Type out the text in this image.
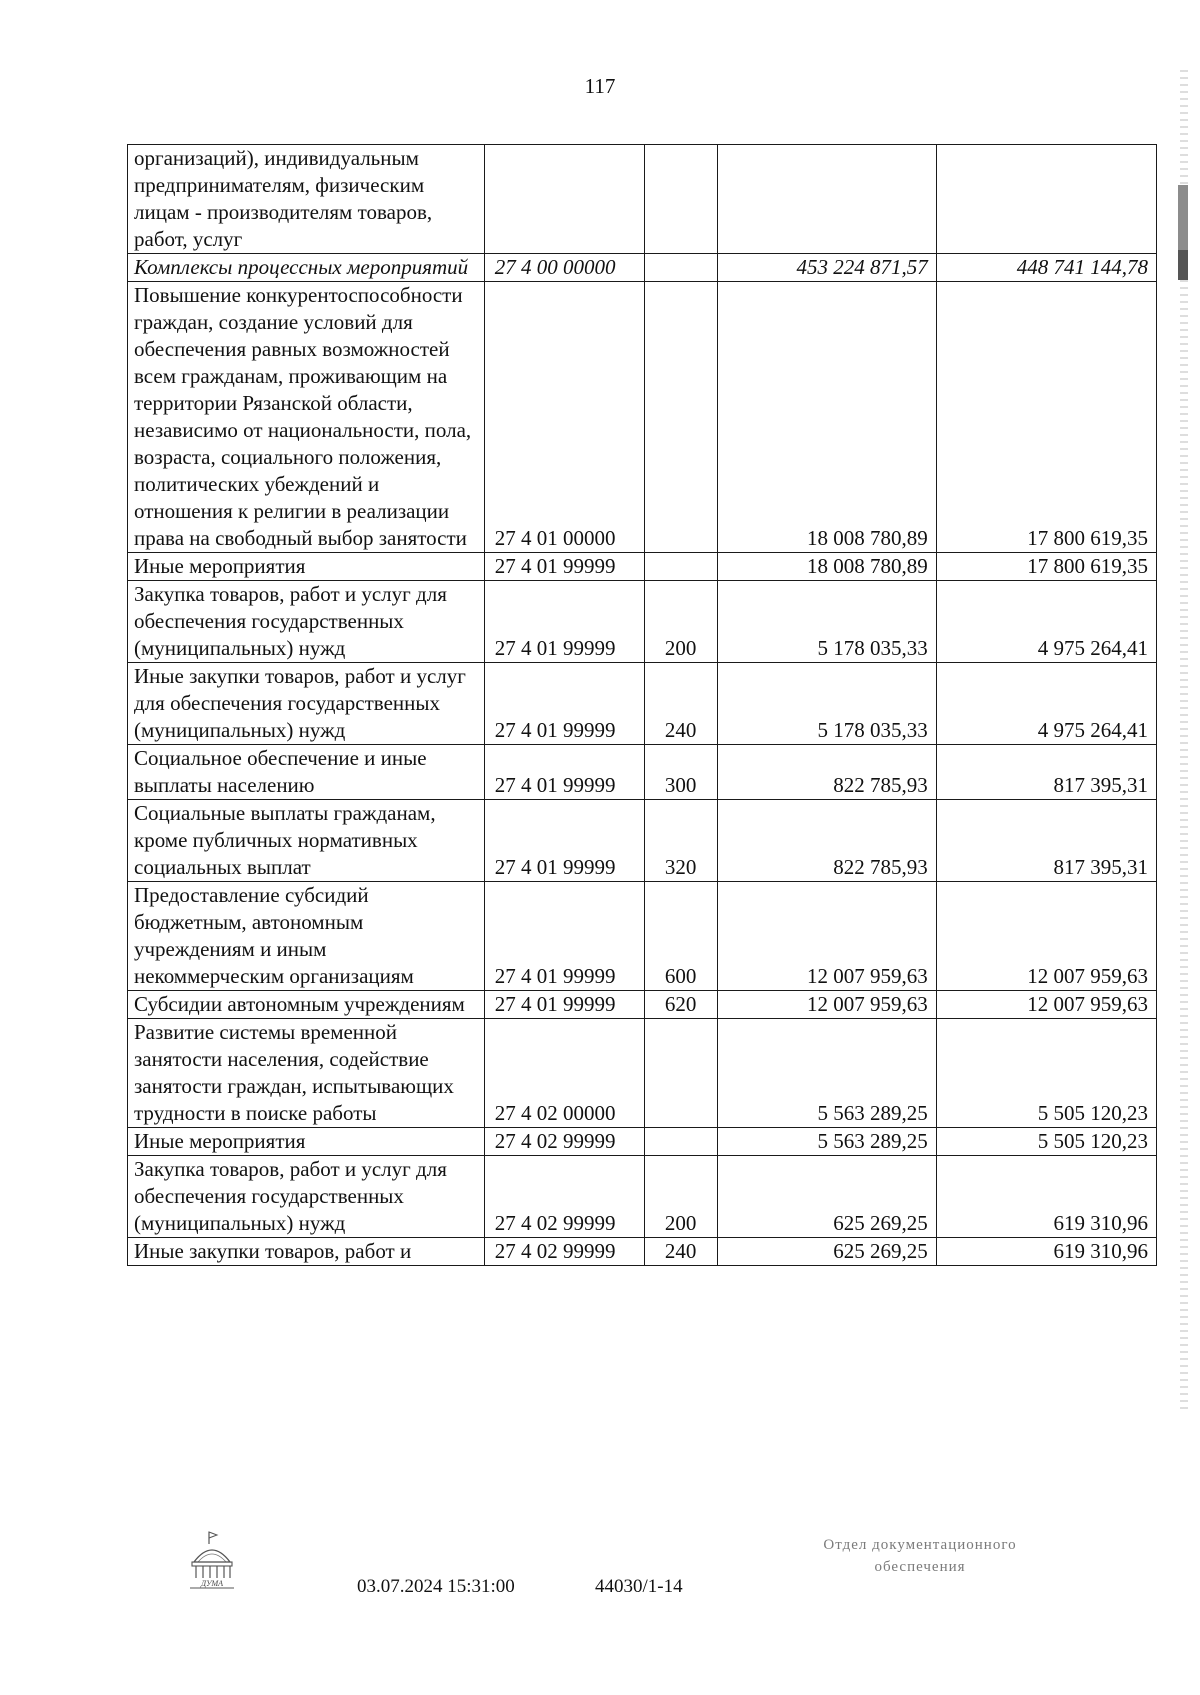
117
организаций), индивидуальным предпринимателям, физическим лицам - производителям товаров, работ, услуг				
Комплексы процессных мероприятий	27 4 00 00000		453 224 871,57	448 741 144,78
Повышение конкурентоспособности граждан, создание условий для обеспечения равных возможностей всем гражданам, проживающим на территории Рязанской области, независимо от национальности, пола, возраста, социального положения, политических убеждений и отношения к религии в реализации права на свободный выбор занятости	27 4 01 00000		18 008 780,89	17 800 619,35
Иные мероприятия	27 4 01 99999		18 008 780,89	17 800 619,35
Закупка товаров, работ и услуг для обеспечения государственных (муниципальных) нужд	27 4 01 99999	200	5 178 035,33	4 975 264,41
Иные закупки товаров, работ и услуг для обеспечения государственных (муниципальных) нужд	27 4 01 99999	240	5 178 035,33	4 975 264,41
Социальное обеспечение и иные выплаты населению	27 4 01 99999	300	822 785,93	817 395,31
Социальные выплаты гражданам, кроме публичных нормативных социальных выплат	27 4 01 99999	320	822 785,93	817 395,31
Предоставление субсидий бюджетным, автономным учреждениям и иным некоммерческим организациям	27 4 01 99999	600	12 007 959,63	12 007 959,63
Субсидии автономным учреждениям	27 4 01 99999	620	12 007 959,63	12 007 959,63
Развитие системы временной занятости населения, содействие занятости граждан, испытывающих трудности в поиске работы	27 4 02 00000		5 563 289,25	5 505 120,23
Иные мероприятия	27 4 02 99999		5 563 289,25	5 505 120,23
Закупка товаров, работ и услуг для обеспечения государственных (муниципальных) нужд	27 4 02 99999	200	625 269,25	619 310,96
Иные закупки товаров, работ и	27 4 02 99999	240	625 269,25	619 310,96
ДУМА	03.07.2024 15:31:00	44030/1-14
Отдел документационного
обеспечения
